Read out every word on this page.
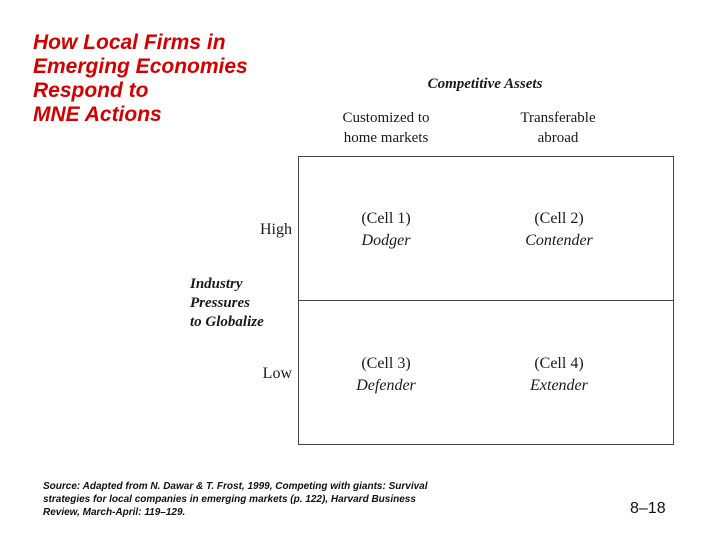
How Local Firms in
Emerging Economies
Respond to
MNE Actions
Competitive Assets
Customized to
home markets
Transferable
abroad
High
Low
Industry
Pressures
to Globalize
(Cell 1)
Dodger
(Cell 2)
Contender
(Cell 3)
Defender
(Cell 4)
Extender
Source: Adapted from N. Dawar & T. Frost, 1999, Competing with giants: Survival strategies for local companies in emerging markets (p. 122), Harvard Business Review, March-April: 119–129.	8–18
